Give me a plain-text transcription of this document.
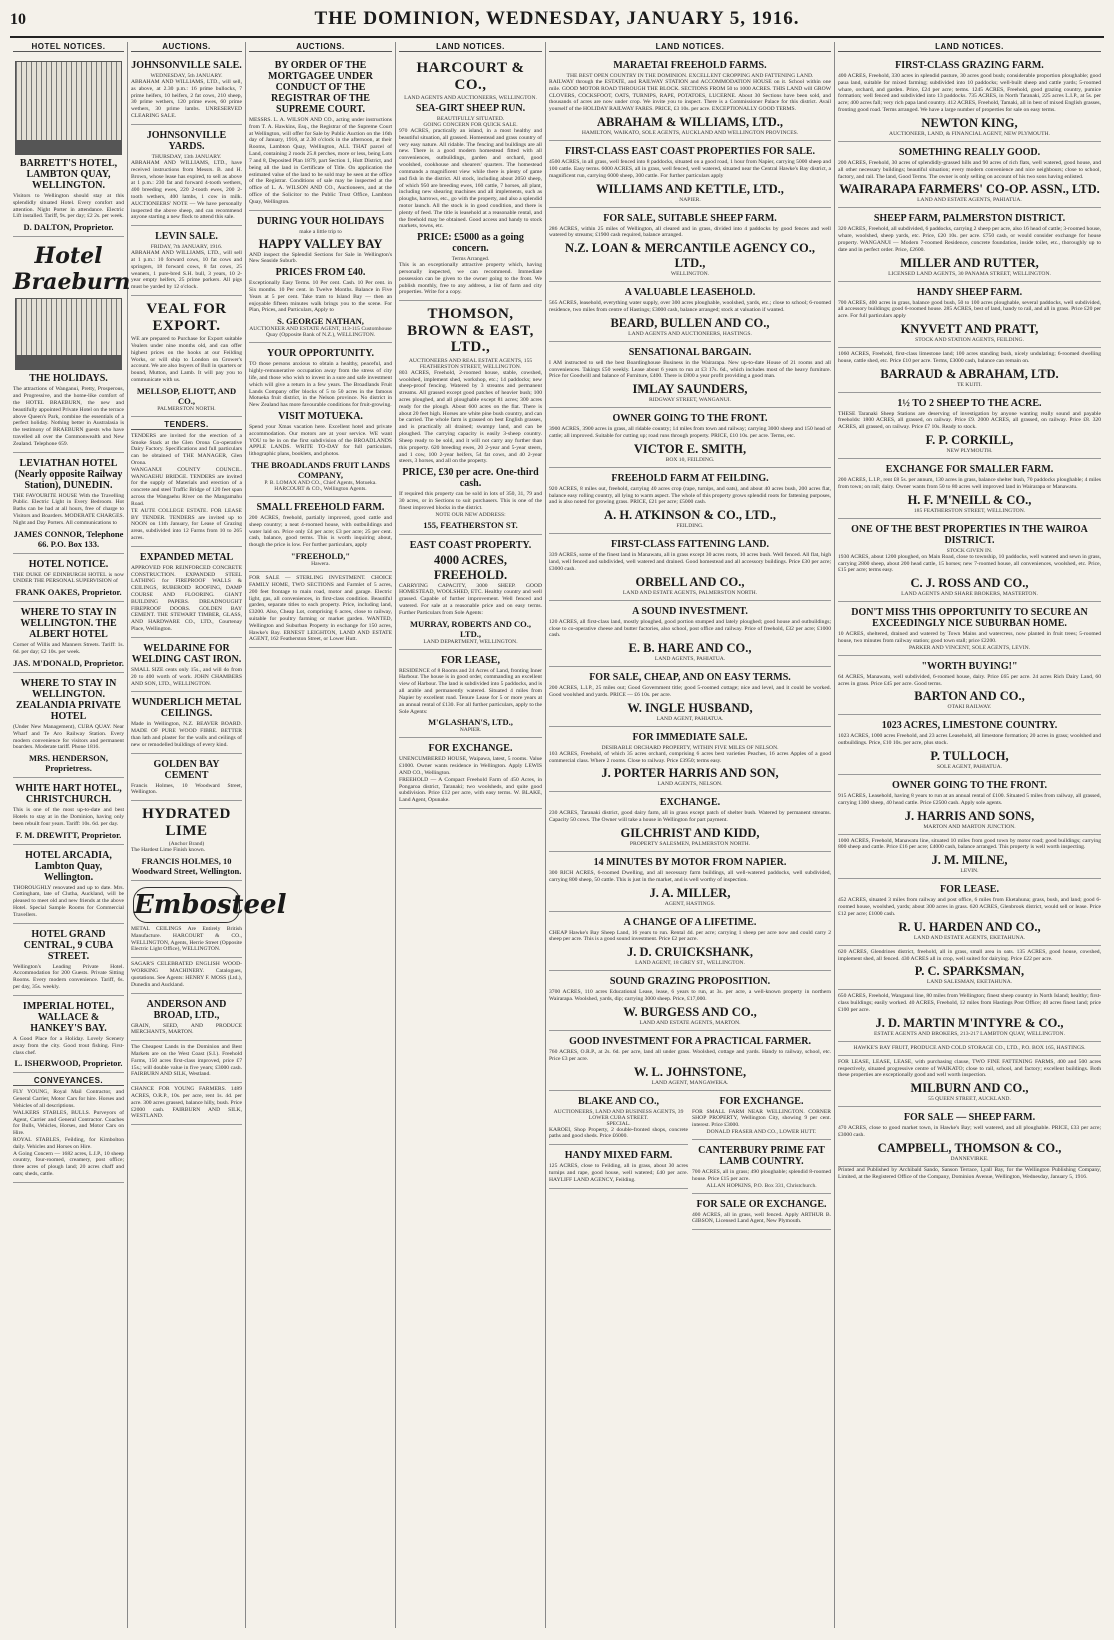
10	THE DOMINION, WEDNESDAY, JANUARY 5, 1916.
HOTEL NOTICES.
BARRETT'S HOTEL, LAMBTON QUAY, WELLINGTON.
Visitors to Wellington should stay at this splendidly situated Hotel. Every comfort and attention. Night Porter in attendance. Electric Lift installed. Tariff, 9s. per day; £2 2s. per week.
D. DALTON, Proprietor.
Hotel Braeburn
THE HOLIDAYS.
The attractions of Wanganui, Pretty, Prosperous, and Progressive, and the home-like comfort of the HOTEL BRAEBURN, the new and beautifully appointed Private Hotel on the terrace above Queen's Park, combine the essentials of a perfect holiday. Nothing better in Australasia is the testimony of BRAEBURN guests who have travelled all over the Commonwealth and New Zealand. Telephone 659.
LEVIATHAN HOTEL (Nearly opposite Railway Station), DUNEDIN.
THE FAVOURITE HOUSE With the Travelling Public. Electric Light in Every Bedroom. Hot Baths can be had at all hours, free of charge to Visitors and Boarders. MODERATE CHARGES. Night and Day Porters. All communications to
JAMES CONNOR, Telephone 66. P.O. Box 133.
HOTEL NOTICE.
THE DUKE OF EDINBURGH HOTEL is now UNDER THE PERSONAL SUPERVISION of
FRANK OAKES, Proprietor.
WHERE TO STAY IN WELLINGTON. THE ALBERT HOTEL
Corner of Willis and Manners Streets. Tariff: 1s. 6d. per day; £2 10s. per week.
JAS. M'DONALD, Proprietor.
WHERE TO STAY IN WELLINGTON. ZEALANDIA PRIVATE HOTEL
(Under New Management), CUBA QUAY. Near Wharf and Te Aro Railway Station. Every modern convenience for visitors and permanent boarders. Moderate tariff. Phone 1816.
MRS. HENDERSON, Proprietress.
WHITE HART HOTEL, CHRISTCHURCH.
This is one of the most up-to-date and best Hotels to stay at in the Dominion, having only been rebuilt four years. Tariff: 10s. 6d. per day.
F. M. DREWITT, Proprietor.
HOTEL ARCADIA, Lambton Quay, Wellington.
THOROUGHLY renovated and up to date. Mrs. Cottingham, late of Clutha, Auckland, will be pleased to meet old and new friends at the above Hotel. Special Sample Rooms for Commercial Travellers.
HOTEL GRAND CENTRAL, 9 CUBA STREET.
Wellington's Leading Private Hotel. Accommodation for 200 Guests. Private Sitting Rooms. Every modern convenience. Tariff, 6s. per day, 35s. weekly.
IMPERIAL HOTEL, WALLACE & HANKEY'S BAY.
A Good Place for a Holiday. Lovely Scenery away from the city. Good trout fishing. First-class chef.
L. ISHERWOOD, Proprietor.
CONVEYANCES.
FLY YOUNG, Royal Mail Contractor, and General Carrier, Motor Cars for hire. Horses and Vehicles of all descriptions.
WALKERS STABLES, BULLS. Purveyors of Agent, Carrier and General Contractor. Coaches for Bulls, Vehicles, Horses, and Motor Cars on Hire.
ROYAL STABLES, Feilding, for Kimbolton daily. Vehicles and Horses on Hire.
A Going Concern — 1682 acres, L.I.P., 10 sheep country, four-roomed, creamery, post office; three acres of plough land; 20 acres chaff and oats; sheds, cattle.
AUCTIONS.
JOHNSONVILLE SALE.
WEDNESDAY, 5th JANUARY.
ABRAHAM AND WILLIAMS, LTD., will sell, as above, at 2.30 p.m.: 16 prime bullocks, 7 prime heifers, 10 heifers, 2 fat cows, 210 sheep, 30 prime wethers, 120 prime ewes, 60 prime wethers, 30 prime lambs. UNRESERVED CLEARING SALE.
JOHNSONVILLE YARDS.
THURSDAY, 13th JANUARY.
ABRAHAM AND WILLIAMS, LTD., have received instructions from Messrs. B. and H. Brown, whose lease has expired, to sell as above at 1 p.m.: 230 fat and forward 4-tooth wethers, 400 breeding ewes, 220 2-tooth ewes, 200 2-tooth wethers, 400 lambs, 1 cow in milk. AUCTIONEERS' NOTE — We have personally inspected the above sheep, and can recommend anyone starting a new flock to attend this sale.
LEVIN SALE.
FRIDAY, 7th JANUARY, 1916.
ABRAHAM AND WILLIAMS, LTD., will sell at 1 p.m.: 10 forward cows, 10 fat cows and springers, 18 forward cows, 8 fat cows, 25 weaners, 1 pure-bred S.H. bull, 3 years, 10 2-year empty heifers, 25 prime porkers. All pigs must be yarded by 12 o'clock.
VEAL FOR EXPORT.
WE are prepared to Purchase for Export suitable Vealers under nine months old, and can offer highest prices on the hooks at our Feilding Works, or will ship to London on Grower's account. We are also buyers of Bull in quarters or bound, Mutton, and Lamb. It will pay you to communicate with us.
MELLSOP, ELIOTT, AND CO.,
PALMERSTON NORTH.
TENDERS.
TENDERS are invited for the erection of a Smoke Stack at the Glen Orona Co-operative Dairy Factory. Specifications and full particulars can be obtained of THE MANAGER, Glen Orona.
WANGANUI COUNTY COUNCIL. WANGAEHU BRIDGE. TENDERS are invited for the supply of Materials and erection of a concrete and steel Traffic Bridge of 120 feet span across the Wangaehu River on the Mangamahu Road.
TE AUTE COLLEGE ESTATE. FOR LEASE BY TENDER. TENDERS are invited up to NOON on 11th January, for Lease of Grazing areas, subdivided into 12 Farms from 10 to 265 acres.
EXPANDED METAL
APPROVED FOR REINFORCED CONCRETE CONSTRUCTION. EXPANDED STEEL LATHING for FIREPROOF WALLS & CEILINGS, RUBEROID ROOFING, DAMP COURSE AND FLOORING. GIANT BUILDING PAPERS. DREADNOUGHT FIREPROOF DOORS. GOLDEN BAY CEMENT. THE STEWART TIMBER, GLASS, AND HARDWARE CO., LTD., Courtenay Place, Wellington.
WELDARINE FOR WELDING CAST IRON.
SMALL SIZE cents only 15s., and will do from 20 to 400 worth of work. JOHN CHAMBERS AND SON, LTD., WELLINGTON.
WUNDERLICH METAL CEILINGS.
Made in Wellington, N.Z. BEAVER BOARD. MADE OF PURE WOOD FIBRE. BETTER than lath and plaster for the walls and ceilings of new or remodelled buildings of every kind.
GOLDEN BAY CEMENT
Francis Holmes, 10 Woodward Street, Wellington.
HYDRATED LIME
(Anchor Brand)
The Hardest Lime Finish known.
FRANCIS HOLMES, 10 Woodward Street, Wellington.
Embosteel
METAL CEILINGS Are Entirely British Manufacture. HARCOURT & CO., WELLINGTON, Agents, Herrie Street (Opposite Electric Light Office), WELLINGTON.
SAGAR'S CELEBRATED ENGLISH WOOD-WORKING MACHINERY. Catalogues, quotations. See Agents: HENRY F. MOSS (Ltd.), Dunedin and Auckland.
ANDERSON AND BROAD, LTD.,
GRAIN, SEED, AND PRODUCE MERCHANTS, MARTON.
The Cheapest Lands in the Dominion and Best Markets are on the West Coast (S.I.). Freehold Farms, 150 acres first-class improved, price £7 15s.; will double value in five years; £3000 cash. FAIRBURN AND SILK, Westland.
CHANCE FOR YOUNG FARMERS. 1489 ACRES, O.R.P., 10s. per acre, rent 1s. 4d. per acre. 300 acres grassed, balance hilly, bush. Price £2000 cash. FAIRBURN AND SILK, WESTLAND.
AUCTIONS.
BY ORDER OF THE MORTGAGEE UNDER CONDUCT OF THE REGISTRAR OF THE SUPREME COURT.
MESSRS. L. A. WILSON AND CO., acting under instructions from T. A. Hawkins, Esq., the Registrar of the Supreme Court at Wellington, will offer for Sale by Public Auction on the 16th day of January, 1916, at 2.30 o'clock in the afternoon, at their Rooms, Lambton Quay, Wellington, ALL THAT parcel of Land, containing 2 roods 25.8 perches, more or less, being Lots 7 and 8, Deposited Plan 1879, part Section 1, Hutt District, and being all the land in Certificate of Title. On application the estimated value of the land to be sold may be seen at the office of the Registrar. Conditions of sale may be inspected at the office of L. A. WILSON AND CO., Auctioneers, and at the office of the Solicitor to the Public Trust Office, Lambton Quay, Wellington.
DURING YOUR HOLIDAYS
make a little trip to
HAPPY VALLEY BAY
AND inspect the Splendid Sections for Sale in Wellington's New Seaside Suburb.
PRICES FROM £40.
Exceptionally Easy Terms. 10 Per cent. Cash. 10 Per cent. in Six months. 10 Per cent. in Twelve Months. Balance in Five Years at 5 per cent. Take tram to Island Bay — then an enjoyable fifteen minutes walk brings you to the scene. For Plan, Prices, and Particulars, Apply to
S. GEORGE NATHAN,
AUCTIONEER AND ESTATE AGENT, 113-115 Customhouse Quay (Opposite Bank of N.Z.), WELLINGTON.
YOUR OPPORTUNITY.
TO those persons anxious to obtain a healthy, peaceful, and highly-remunerative occupation away from the stress of city life, and those who wish to invest in a sure and safe investment which will give a return in a few years. The Broadlands Fruit Lands Company offer blocks of 5 to 50 acres in the famous Motueka fruit district, in the Nelson province. No district in New Zealand has more favourable conditions for fruit-growing.
VISIT MOTUEKA.
Spend your Xmas vacation here. Excellent hotel and private accommodation. Our motors are at your service. WE want YOU to be in on the first subdivision of the BROADLANDS APPLE LANDS. WRITE TO-DAY for full particulars, lithographic plans, booklets, and photos.
THE BROADLANDS FRUIT LANDS COMPANY,
P. B. LOMAX AND CO., Chief Agents, Motueka. HARCOURT & CO., Wellington Agents.
SMALL FREEHOLD FARM.
200 ACRES, freehold, partially improved, good cattle and sheep country; a neat 4-roomed house, with outbuildings and water laid on. Price only £4 per acre; £3 per acre; 25 per cent. cash, balance, good terms. This is worth inquiring about, though the price is low. For further particulars, apply
"FREEHOLD,"
Hawera.
FOR SALE — STERLING INVESTMENT. CHOICE FAMILY HOME, TWO SECTIONS and Farmlet of 5 acres, 200 feet frontage to main road, motor and garage. Electric light, gas, all conveniences, in first-class condition. Beautiful garden, separate titles to each property. Price, including land, £3200. Also, Cheap Lot, comprising 6 acres, close to railway, suitable for poultry farming or market garden. WANTED, Wellington and Suburban Property in exchange for 150 acres, Hawke's Bay. ERNEST LEIGHTON, LAND AND ESTATE AGENT, 162 Featherston Street, or Lower Hutt.
LAND NOTICES.
HARCOURT & CO.,
LAND AGENTS AND AUCTIONEERS, WELLINGTON.
SEA-GIRT SHEEP RUN.
BEAUTIFULLY SITUATED.
GOING CONCERN FOR QUICK SALE.
970 ACRES, practically an island, in a most healthy and beautiful situation, all grassed. Homestead and grass country of very easy nature. All ridable. The fencing and buildings are all new. There is a good modern homestead fitted with all conveniences, outbuildings, garden and orchard, good woolshed, cookhouse and shearers' quarters. The homestead commands a magnificent view while there is plenty of game and fish in the district. All stock, including about 2050 sheep, of which 950 are breeding ewes, 160 cattle, 7 horses, all plant, including new shearing machines and all implements, such as ploughs, harrows, etc., go with the property, and also a splendid motor launch. All the stock is in good condition, and there is plenty of feed. The title is leasehold at a reasonable rental, and the freehold may be obtained. Good access and handy to stock markets, towns, etc.
PRICE: £5000 as a going concern.
Terms Arranged.
This is an exceptionally attractive property which, having personally inspected, we can recommend. Immediate possession can be given to the owner going to the front. We publish monthly, free to any address, a list of farm and city properties. Write for a copy.
THOMSON, BROWN & EAST, LTD.,
AUCTIONEERS AND REAL ESTATE AGENTS, 155 FEATHERSTON STREET, WELLINGTON.
803 ACRES, Freehold, 2-roomed house, stable, cowshed, woolshed, implement shed, workshop, etc.; 14 paddocks; new sheep-proof fencing. Watered by 3 streams and permanent streams. All grassed except good patches of heavier bush; 100 acres ploughed, and all ploughable except 81 acres; 300 acres ready for the plough. About 600 acres on the flat. There is about 20 feet high. Horses are white pine bush country, and can be carried. The whole farm is grassed on best English grasses, and is practically all drained; swampy land, and can be ploughed. The carrying capacity is easily 3-sheep country. Sheep ready to be sold, and it will not carry any further than this property. 620 breeding ewes, 20 2-year and 5-year steers, and 1 cow, 100 2-year heifers, 54 fat cows, and 40 2-year steers, 3 horses, and all on the property.
PRICE, £30 per acre. One-third cash.
If required this property can be sold in lots of 350, 31, 79 and 30 acres, or in Sections to suit purchasers. This is one of the finest improved blocks in the district.
NOTE OUR NEW ADDRESS:
155, FEATHERSTON ST.
EAST COAST PROPERTY.
4000 ACRES, FREEHOLD.
CARRYING CAPACITY, 3000 SHEEP. GOOD HOMESTEAD, WOOLSHED, ETC. Healthy country and well grassed. Capable of further improvement. Well fenced and watered. For sale at a reasonable price and on easy terms. Further Particulars from Sole Agents:
MURRAY, ROBERTS AND CO., LTD.,
LAND DEPARTMENT, WELLINGTON.
FOR LEASE,
RESIDENCE of 8 Rooms and 24 Acres of Land, fronting Inner Harbour. The house is in good order, commanding an excellent view of Harbour. The land is subdivided into 5 paddocks, and is all arable and permanently watered. Situated 4 miles from Napier by excellent road. Tenure Lease for 5 or more years at an annual rental of £130. For all further particulars, apply to the Sole Agents:
M'GLASHAN'S, LTD.,
NAPIER.
FOR EXCHANGE.
UNENCUMBERED HOUSE, Waipawa, latest, 5 rooms. Value £1000. Owner wants residence in Wellington. Apply LEWIS AND CO., Wellington.
FREEHOLD — A Compact Freehold Farm of 450 Acres, in Pongaroa district, Taranaki; two woolsheds, and quite good subdivision. Price £12 per acre, with easy terms. W. BLAKE, Land Agent, Opunake.
LAND NOTICES.
MARAETAI FREEHOLD FARMS.
THE BEST OPEN COUNTRY IN THE DOMINION. EXCELLENT CROPPING AND FATTENING LAND.
RAILWAY through the ESTATE, and RAILWAY STATION and ACCOMMODATION HOUSE on it. School within one mile. GOOD MOTOR ROAD THROUGH THE BLOCK. SECTIONS FROM 50 to 1000 ACRES. THIS LAND will GROW CLOVERS, COCKSFOOT, OATS, TURNIPS, RAPE, POTATOES, LUCERNE. About 30 Sections have been sold, and thousands of acres are now under crop. We invite you to inspect. There is a Commissioner Palace for this district. Avail yourself of the HOLIDAY RAILWAY FARES. PRICE, £3 10s. per acre. EXCEPTIONALLY GOOD TERMS.
ABRAHAM & WILLIAMS, LTD.,
HAMILTON, WAIKATO, SOLE AGENTS, AUCKLAND AND WELLINGTON PROVINCES.
FIRST-CLASS EAST COAST PROPERTIES FOR SALE.
4500 ACRES, in all grass, well fenced into 8 paddocks, situated on a good road, 1 hour from Napier, carrying 5000 sheep and 100 cattle. Easy terms. 6000 ACRES, all in grass, well fenced, well watered, situated near the Central Hawke's Bay district, a magnificent run, carrying 6000 sheep, 300 cattle. For further particulars apply
WILLIAMS AND KETTLE, LTD.,
NAPIER.
FOR SALE, SUITABLE SHEEP FARM.
286 ACRES, within 25 miles of Wellington, all cleared and in grass, divided into 4 paddocks by good fences and well watered by streams; £1900 cash required, balance arranged.
N.Z. LOAN & MERCANTILE AGENCY CO., LTD.,
WELLINGTON.
A VALUABLE LEASEHOLD.
565 ACRES, leasehold, everything water supply, over 300 acres ploughable, woolshed, yards, etc.; close to school; 6-roomed residence, two miles from centre of Hastings; £3000 cash, balance arranged; stock at valuation if wanted.
BEARD, BULLEN AND CO.,
LAND AGENTS AND AUCTIONEERS, HASTINGS.
SENSATIONAL BARGAIN.
I AM instructed to sell the best Boardinghouse Business in the Wairarapa. New up-to-date House of 21 rooms and all conveniences. Takings £50 weekly. Lease about 6 years to run at £3 17s. 6d., which includes most of the heavy furniture. Price for Goodwill and balance of Furniture, £400. There is £800 a year profit providing a good man.
IMLAY SAUNDERS,
RIDGWAY STREET, WANGANUI.
OWNER GOING TO THE FRONT.
3900 ACRES, 3900 acres in grass, all ridable country; 14 miles from town and railway; carrying 3000 sheep and 150 head of cattle; all improved. Suitable for cutting up; road runs through property. PRICE, £10 10s. per acre. Terms, etc.
VICTOR E. SMITH,
BOX 10, FEILDING.
FREEHOLD FARM AT FEILDING.
920 ACRES, 8 miles out, freehold, carrying 40 acres crop (rape, turnips, and oats), and about 40 acres bush, 200 acres flat, balance easy rolling country, all lying to warm aspect. The whole of this property grows splendid roots for fattening purposes, and is also noted for growing grass. PRICE, £21 per acre; £5000 cash.
A. H. ATKINSON & CO., LTD.,
FEILDING.
FIRST-CLASS FATTENING LAND.
339 ACRES, some of the finest land in Manawatu, all in grass except 30 acres roots, 10 acres bush. Well fenced. All flat, high land, well fenced and subdivided, well watered and drained. Good homestead and all accessory buildings. Price £30 per acre; £3000 cash.
ORBELL AND CO.,
LAND AND ESTATE AGENTS, PALMERSTON NORTH.
A SOUND INVESTMENT.
120 ACRES, all first-class land, mostly ploughed, good portion stumped and lately ploughed; good house and outbuildings; close to co-operative cheese and butter factories, also school, post office and railway. Price of freehold, £32 per acre; £1000 cash.
E. B. HARE AND CO.,
LAND AGENTS, PAHIATUA.
FOR SALE, CHEAP, AND ON EASY TERMS.
200 ACRES, L.I.P., 25 miles out; Good Government title; good 5-roomed cottage; nice and level, and it could be worked. Good woolshed and yards. PRICE — £6 10s. per acre.
W. INGLE HUSBAND,
LAND AGENT, PAHIATUA.
FOR IMMEDIATE SALE.
DESIRABLE ORCHARD PROPERTY, WITHIN FIVE MILES OF NELSON.
103 ACRES, Freehold, of which 35 acres orchard, comprising 6 acres best varieties Peaches, 16 acres Apples of a good commercial class. Where 2 rooms. Close to railway. Price £3950; terms easy.
J. PORTER HARRIS AND SON,
LAND AGENTS, NELSON.
EXCHANGE.
230 ACRES, Taranaki district, good dairy farm, all in grass except patch of shelter bush. Watered by permanent streams. Capacity 50 cows. The Owner will take a house in Wellington for part payment.
GILCHRIST AND KIDD,
PROPERTY SALESMEN, PALMERSTON NORTH.
14 MINUTES BY MOTOR FROM NAPIER.
300 RICH ACRES, 6-roomed Dwelling, and all necessary farm buildings, all well-watered paddocks, well subdivided, carrying 800 sheep, 50 cattle. This is just in the market, and is well worthy of inspection.
J. A. MILLER,
AGENT, HASTINGS.
A CHANGE OF A LIFETIME.
CHEAP Hawke's Bay Sheep Land, 16 years to run. Rental 4d. per acre; carrying 1 sheep per acre now and could carry 2 sheep per acre. This is a good sound investment. Price £2 per acre.
J. D. CRUICKSHANK,
LAND AGENT, 18 GREY ST., WELLINGTON.
SOUND GRAZING PROPOSITION.
3700 ACRES, 110 acres Educational Lease, lease, 6 years to run, at 3s. per acre, a well-known property in northern Wairarapa. Woolshed, yards, dip; carrying 3000 sheep. Price, £17,000.
W. BURGESS AND CO.,
LAND AND ESTATE AGENTS, MARTON.
GOOD INVESTMENT FOR A PRACTICAL FARMER.
760 ACRES, O.R.P., at 2s. 6d. per acre, land all under grass. Woolshed, cottage and yards. Handy to railway, school, etc. Price £3 per acre.
W. L. JOHNSTONE,
LAND AGENT, MANGAWEKA.
BLAKE AND CO.,
AUCTIONEERS, LAND AND BUSINESS AGENTS, 39 LOWER CUBA STREET.
SPECIAL.
KAROEI, Shop Property, 2 double-fronted shops, concrete paths and good sheds. Price £6000.
HANDY MIXED FARM.
125 ACRES, close to Feilding, all in grass, about 30 acres turnips and rape, good house, well watered; £40 per acre. HAYLIFF LAND AGENCY, Feilding.
FOR EXCHANGE.
FOR SMALL FARM NEAR WELLINGTON. CORNER SHOP PROPERTY, Wellington City, showing 9 per cent. interest. Price £3000.
DONALD FRASER AND CO., LOWER HUTT.
CANTERBURY PRIME FAT LAMB COUNTRY.
700 ACRES, all in grass; 490 ploughable; splendid 8-roomed house. Price £15 per acre.
ALLAN HOPKINS, P.O. Box 331, Christchurch.
FOR SALE OR EXCHANGE.
400 ACRES, all in grass, well fenced. Apply ARTHUR B. GIBSON, Licensed Land Agent, New Plymouth.
LAND NOTICES.
FIRST-CLASS GRAZING FARM.
400 ACRES, Freehold, 330 acres in splendid pasture, 30 acres good bush; considerable proportion ploughable; good paua land, suitable for mixed farming; subdivided into 10 paddocks; well-built sheep and cattle yards; 5-roomed whare, orchard, and garden. Price, £24 per acre; terms. 1245 ACRES, Freehold, good grazing country, pumice formation; well fenced and subdivided into 13 paddocks. 735 ACRES, in North Taranaki, 225 acres L.I.P., at 5s. per acre; 400 acres fall; very rich papa land country. 412 ACRES, Freehold, Tamaki, all in best of mixed English grasses, fronting good road. Terms arranged. We have a large number of properties for sale on easy terms.
NEWTON KING,
AUCTIONEER, LAND, & FINANCIAL AGENT, NEW PLYMOUTH.
SOMETHING REALLY GOOD.
200 ACRES, Freehold, 30 acres of splendidly-grassed hills and 90 acres of rich flats, well watered, good house, and all other necessary buildings; beautiful situation; every modern convenience and nice neighbours; close to school, factory, and rail. The land, Good Terms. The owner is only selling on account of his two sons having enlisted.
WAIRARAPA FARMERS' CO-OP. ASSN., LTD.
LAND AND ESTATE AGENTS, PAHIATUA.
SHEEP FARM, PALMERSTON DISTRICT.
320 ACRES, Freehold, all subdivided, 6 paddocks, carrying 2 sheep per acre, also 16 head of cattle; 3-roomed house, whare, woolshed, sheep yards, etc. Price, £20 10s. per acre. £750 cash, or would consider exchange for house property. WANGANUI — Modern 7-roomed Residence, concrete foundation, inside toilet, etc., thoroughly up to date and in perfect order. Price, £2600.
MILLER AND RUTTER,
LICENSED LAND AGENTS, 30 PANAMA STREET, WELLINGTON.
HANDY SHEEP FARM.
700 ACRES, 400 acres in grass, balance good bush, 50 to 100 acres ploughable, several paddocks, well subdivided, all accessory buildings; good 6-roomed house. 285 ACRES, best of land, handy to rail, and all in grass. Price £20 per acre. For full particulars apply
KNYVETT AND PRATT,
STOCK AND STATION AGENTS, FEILDING.
1060 ACRES, Freehold, first-class limestone land; 100 acres standing bush, nicely undulating; 6-roomed dwelling house, cattle shed, etc. Price £10 per acre. Terms, £3000 cash, balance can remain on.
BARRAUD & ABRAHAM, LTD.
TE KUITI.
1½ TO 2 SHEEP TO THE ACRE.
THESE Taranaki Sheep Stations are deserving of investigation by anyone wanting really sound and payable freeholds: 1800 ACRES, all grassed, on railway. Price £9. 2000 ACRES, all grassed, on railway. Price £8. 320 ACRES, all grassed, on railway. Price £7 10s. Ready to stock.
F. P. CORKILL,
NEW PLYMOUTH.
EXCHANGE FOR SMALLER FARM.
200 ACRES, L.I.P., rent £8 5s. per annum, 130 acres in grass, balance shelter bush, 70 paddocks ploughable; 4 miles from town; on rail; dairy. Owner wants from 50 to 80 acres well improved land in Wairarapa or Manawatu.
H. F. M'NEILL & CO.,
185 FEATHERSTON STREET, WELLINGTON.
ONE OF THE BEST PROPERTIES IN THE WAIROA DISTRICT.
STOCK GIVEN IN.
1930 ACRES, about 1200 ploughed, on Main Road, close to township, 10 paddocks, well watered and sewn in grass, carrying 2800 sheep, about 200 head cattle, 15 horses; new 7-roomed house, all conveniences, woolshed, etc. Price, £15 per acre; terms easy.
C. J. ROSS AND CO.,
LAND AGENTS AND SHARE BROKERS, MASTERTON.
DON'T MISS THIS OPPORTUNITY TO SECURE AN EXCEEDINGLY NICE SUBURBAN HOME.
10 ACRES, sheltered, drained and watered by Town Mains and watercress, now planted in fruit trees; 5-roomed house, two minutes from railway station; good town stall; price £2200.
PARKER AND VINCENT, SOLE AGENTS, LEVIN.
"WORTH BUYING!"
64 ACRES, Manawatu, well subdivided, 6-roomed house, dairy. Price £65 per acre. 24 acres Rich Dairy Land, 60 acres in grass. Price £45 per acre. Good terms.
BARTON AND CO.,
OTAKI RAILWAY.
1023 ACRES, LIMESTONE COUNTRY.
1023 ACRES, 1000 acres Freehold, and 23 acres Leasehold, all limestone formation; 20 acres in grass; woolshed and outbuildings. Price, £10 10s. per acre, plus stock.
P. TULLOCH,
SOLE AGENT, PAHIATUA.
OWNER GOING TO THE FRONT.
915 ACRES, Leasehold, having 8 years to run at an annual rental of £100. Situated 5 miles from railway, all grassed, carrying 1300 sheep, 40 head cattle. Price £2500 cash. Apply sole agents.
J. HARRIS AND SONS,
MARTON AND MARTON JUNCTION.
1000 ACRES, Freehold, Manawatu line, situated 10 miles from good town by motor road; good buildings; carrying 800 sheep and cattle. Price £16 per acre; £4000 cash, balance arranged. This property is well worth inspecting.
J. M. MILNE,
LEVIN.
FOR LEASE.
452 ACRES, situated 3 miles from railway and post office, 6 miles from Eketahuna; grass, bush, and land; good 6-roomed house, woolshed, yards; about 300 acres in grass. 620 ACRES, Glenbrook district, would sell or lease. Price £12 per acre; £1000 cash.
R. U. HARDEN AND CO.,
LAND AND ESTATE AGENTS, EKETAHUNA.
620 ACRES, Glendrines district, freehold, all in grass, small area in oats. 135 ACRES, good house, cowshed, implement shed, all fenced. 430 ACRES all in crop, well suited for dairying. Price £22 per acre.
P. C. SPARKSMAN,
LAND SALESMAN, EKETAHUNA.
650 ACRES, Freehold, Wanganui line, 80 miles from Wellington; finest sheep country in North Island; healthy; first-class buildings; easily worked. 40 ACRES, Freehold, 12 miles from Hastings Post Office; 40 acres finest land; price £100 per acre.
J. D. MARTIN M'INTYRE & CO.,
ESTATE AGENTS AND BROKERS, 213-217 LAMBTON QUAY, WELLINGTON.
HAWKE'S BAY FRUIT, PRODUCE AND COLD STORAGE CO., LTD., P.O. BOX 165, HASTINGS.
FOR LEASE, LEASE, LEASE, with purchasing clause, TWO FINE FATTENING FARMS, 400 and 500 acres respectively, situated progressive centre of WAIKATO; close to rail, school, and factory; excellent buildings. Both these properties are exceptionally good and well worth inspection.
MILBURN AND CO.,
55 QUEEN STREET, AUCKLAND.
FOR SALE — SHEEP FARM.
470 ACRES, close to good market town, in Hawke's Bay; well watered, and all ploughable. PRICE, £33 per acre; £3000 cash.
CAMPBELL, THOMSON & CO.,
DANNEVIRKE.
Printed and Published by Archibald Sando, Sanson Terrace, Lyall Bay, for the Wellington Publishing Company, Limited, at the Registered Office of the Company, Dominion Avenue, Wellington, Wednesday, January 5, 1916.
